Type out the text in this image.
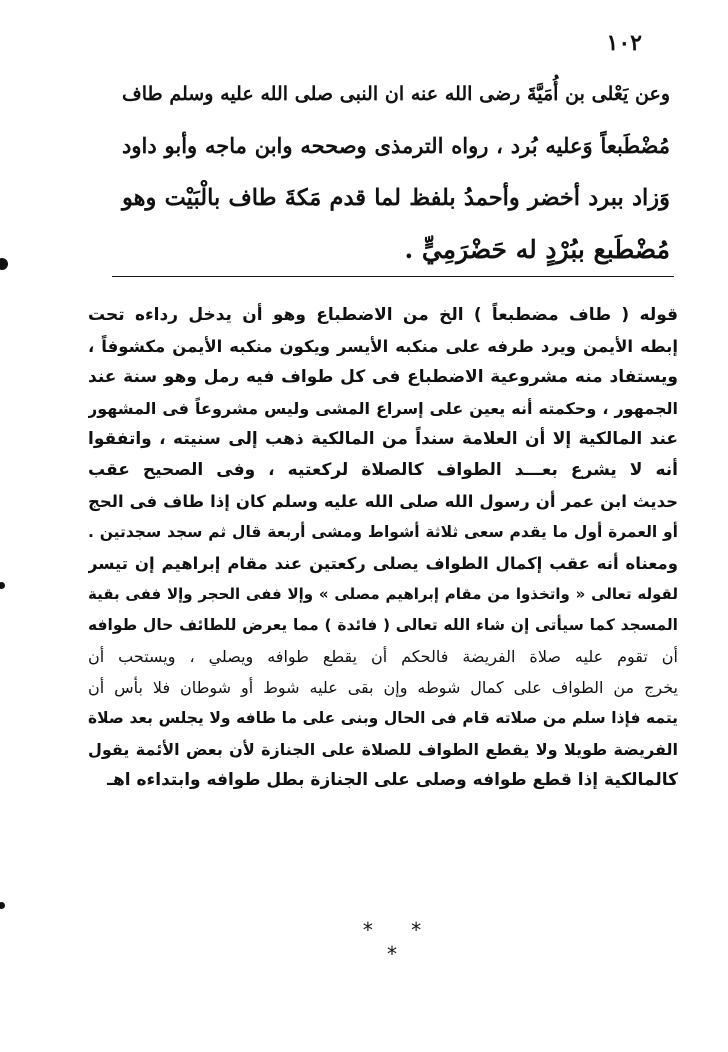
١٠٢
وعن يَعْلى بن أُمَيَّةَ رضى الله عنه ان النبى صلى الله عليه وسلم طاف
مُضْطَبعاً وَعليه بُرد ، رواه الترمذى وصححه وابن ماجه وأبو داود
وَزاد ببرد أخضر وأحمدُ بلفظ لما قدم مَكةَ طاف بالْبَيْت وهو
مُضْطَبع ببُرْدٍ له حَضْرَمِيٍّ .
قوله ( طاف مضطبعاً ) الخ من الاضطباع وهو أن يدخل رداءه تحت
إبطه الأيمن ويرد طرفه على منكبه الأيسر ويكون منكبه الأيمن مكشوفاً ،
ويستفاد منه مشروعية الاضطباع فى كل طواف فيه رمل وهو سنة عند
الجمهور ، وحكمته أنه يعين على إسراع المشى وليس مشروعاً فى المشهور
عند المالكية إلا أن العلامة سنداً من المالكية ذهب إلى سنيته ، واتفقوا
أنه لا يشرع بعـــد الطواف كالصلاة لركعتيه ، وفى الصحيح عقب
حديث ابن عمر أن رسول الله صلى الله عليه وسلم كان إذا طاف فى الحج
أو العمرة أول ما يقدم سعى ثلاثة أشواط ومشى أربعة قال ثم سجد سجدتين .
ومعناه أنه عقب إكمال الطواف يصلى ركعتين عند مقام إبراهيم إن تيسر
لقوله تعالى « واتخذوا من مقام إبراهيم مصلى » وإلا ففى الحجر وإلا ففى بقية
المسجد كما سيأتى إن شاء الله تعالى ( فائدة ) مما يعرض للطائف حال طوافه
أن تقوم عليه صلاة الفريضة فالحكم أن يقطع طوافه ويصلي ، ويستحب أن
يخرج من الطواف على كمال شوطه وإن بقى عليه شوط أو شوطان فلا بأس أن
يتمه فإذا سلم من صلاته قام فى الحال وبنى على ما طافه ولا يجلس بعد صلاة
الفريضة طويلا ولا يقطع الطواف للصلاة على الجنازة لأن بعض الأئمة يقول
كالمالكية إذا قطع طوافه وصلى على الجنازة بطل طوافه وابتداءه اهـ
* * *
